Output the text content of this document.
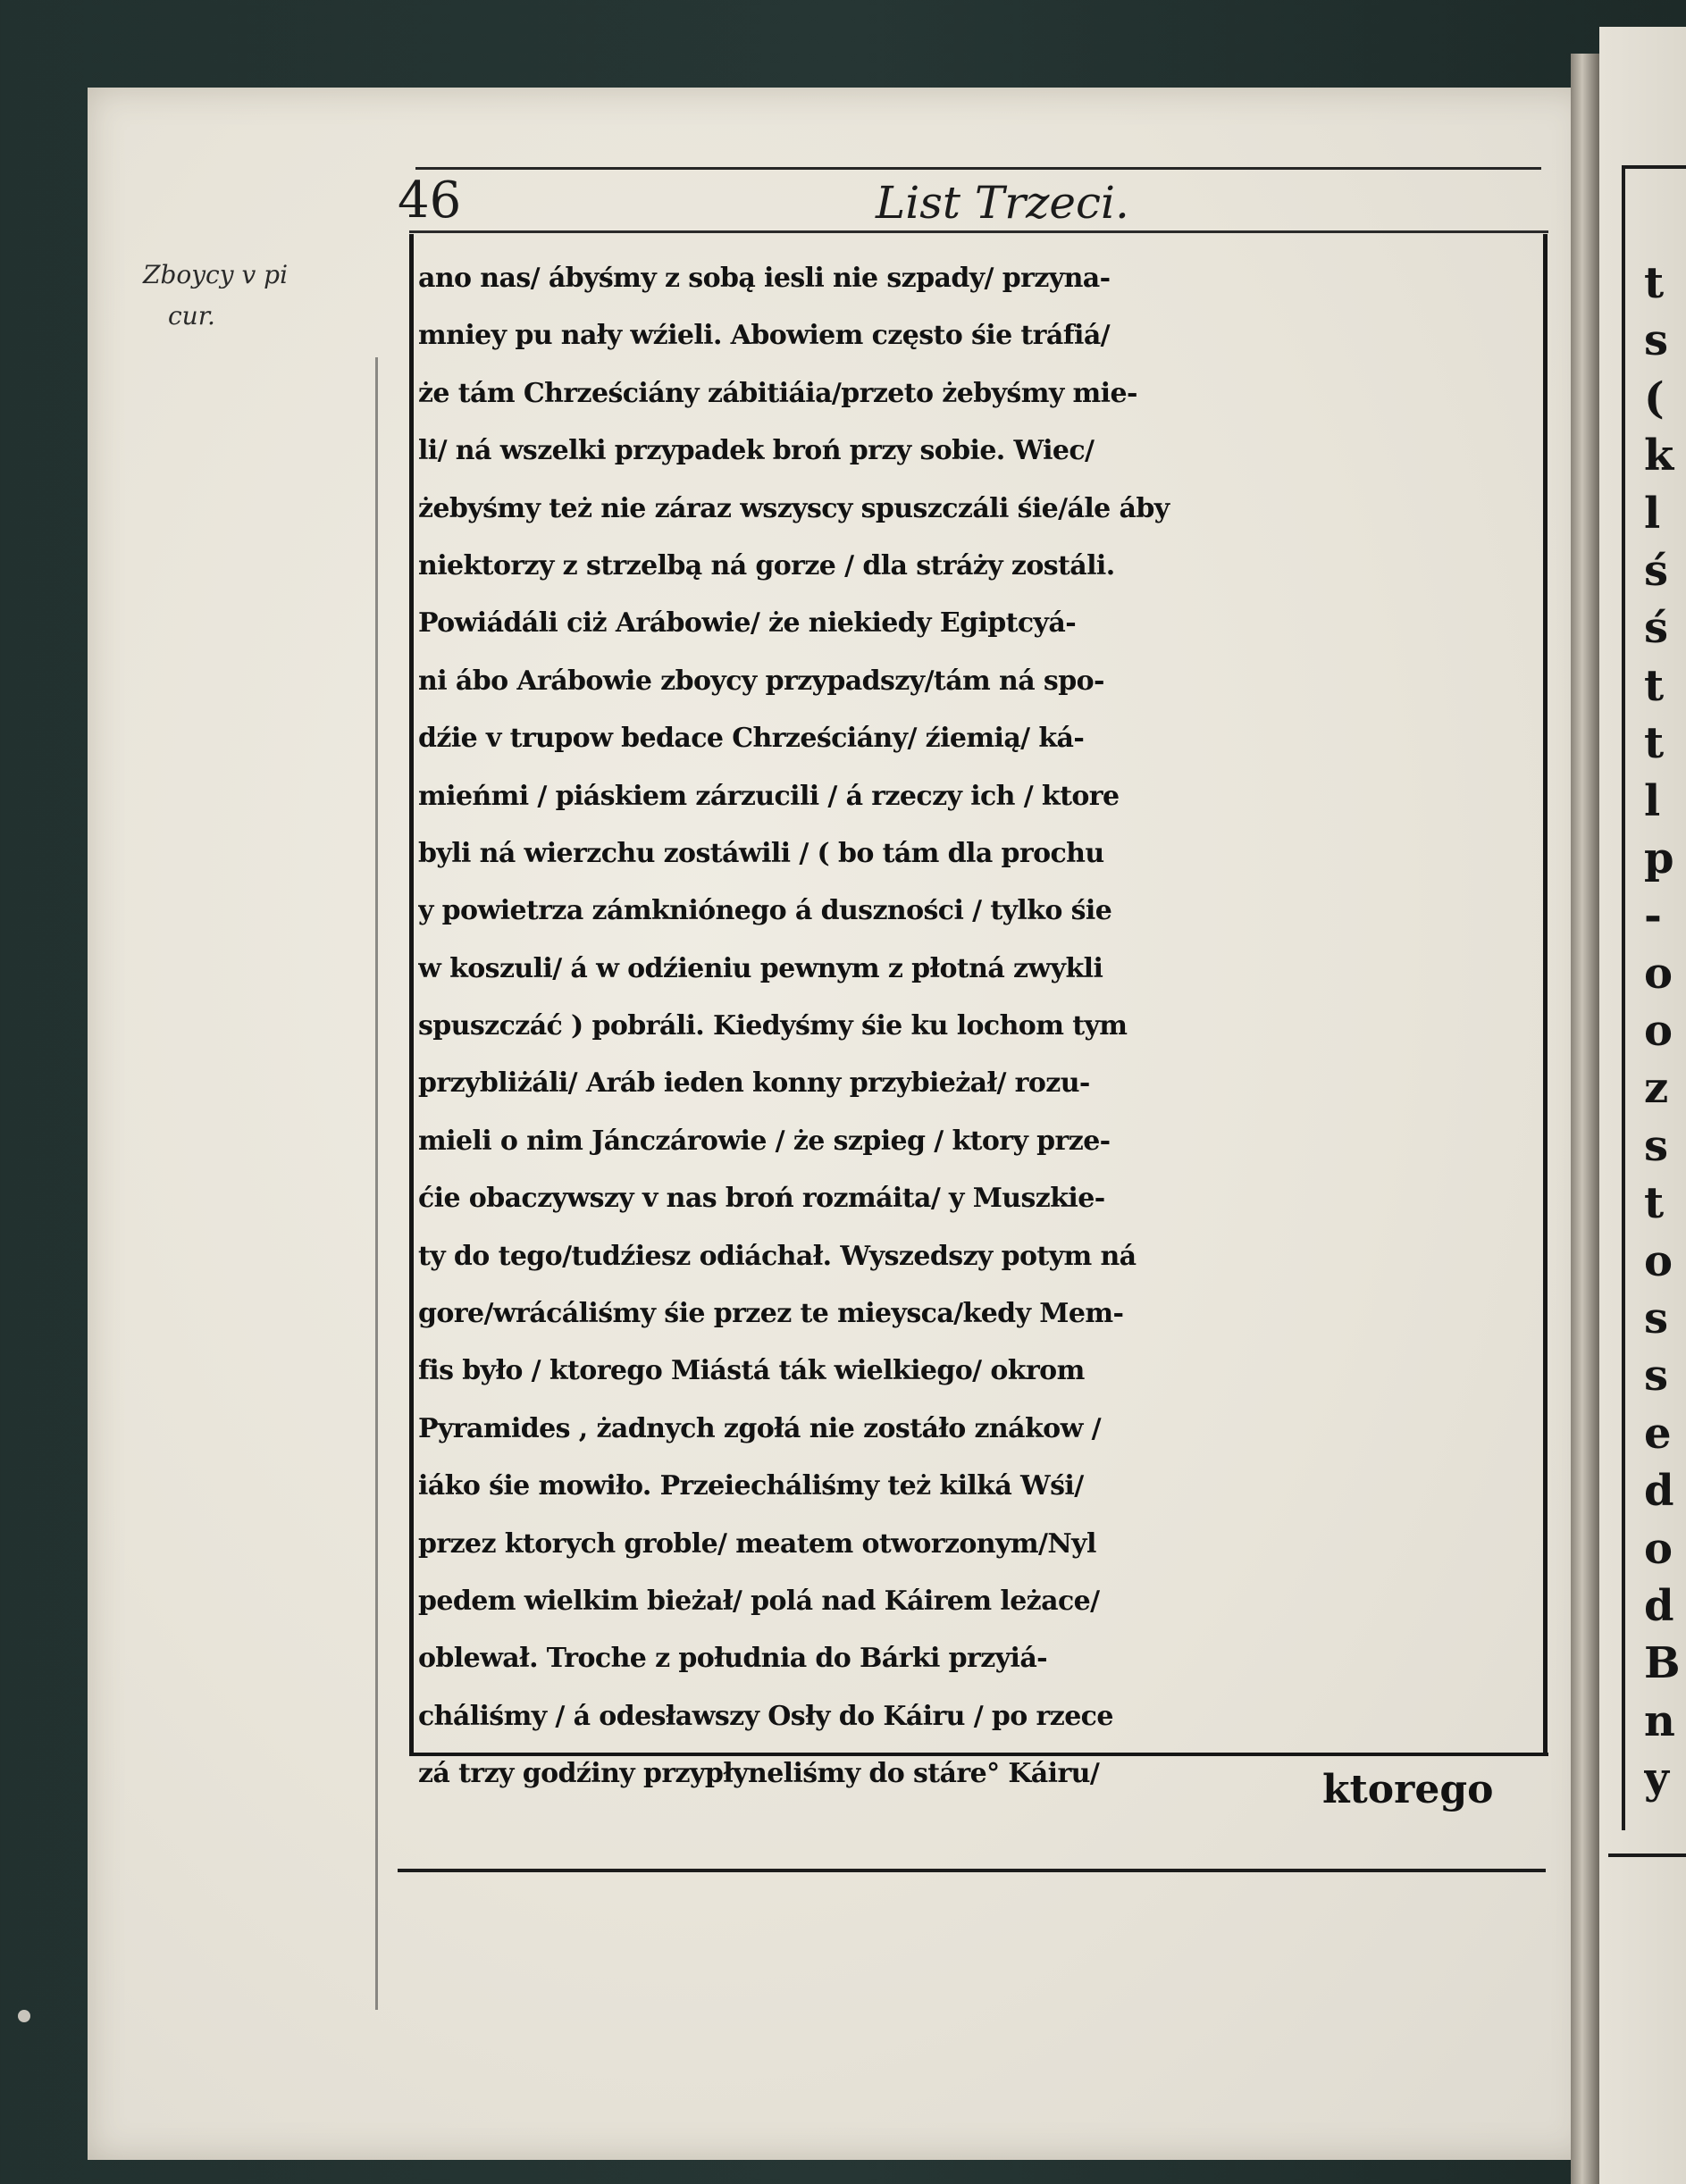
t
s
(
k
l
ś
ś
t
t
l
p
-
o
o
z
s
t
o
s
s
e
d
o
d
B
n
y
46	List Trzeci.
Zboycy v pi
cur.
ano nas/ ábyśmy z sobą iesli nie szpady/ przyna-
mniey pu nały wźieli. Abowiem często śie tráfiá/
że tám Chrześciány zábitiáia/przeto żebyśmy mie-
li/ ná wszelki przypadek broń przy sobie. Wiec/
żebyśmy też nie záraz wszyscy spuszczáli śie/ále áby
niektorzy z strzelbą ná gorze / dla stráży zostáli.
Powiádáli ciż Arábowie/ że niekiedy Egiptcyá-
ni ábo Arábowie zboycy przypadszy/tám ná spo-
dźie v trupow bedace Chrześciány/ źiemią/ ká-
mieńmi / piáskiem zárzucili / á rzeczy ich / ktore
byli ná wierzchu zostáwili / ( bo tám dla prochu
y powietrza zámkniónego á duszności / tylko śie
w koszuli/ á w odźieniu pewnym z płotná zwykli
spuszczáć ) pobráli. Kiedyśmy śie ku lochom tym
przybliżáli/ Aráb ieden konny przybieżał/ rozu-
mieli o nim Jánczárowie / że szpieg / ktory prze-
ćie obaczywszy v nas broń rozmáita/ y Muszkie-
ty do tego/tudźiesz odiáchał. Wyszedszy potym ná
gore/wrácáliśmy śie przez te mieysca/kedy Mem-
fis było / ktorego Miástá ták wielkiego/ okrom
Pyramides , żadnych zgołá nie zostáło znákow /
iáko śie mowiło. Przeiecháliśmy też kilká Wśi/
przez ktorych groble/ meatem otworzonym/Nyl
pedem wielkim bieżał/ polá nad Káirem leżace/
oblewał. Troche z południa do Bárki przyiá-
cháliśmy / á odesławszy Osły do Káiru / po rzece
zá trzy godźiny przypłyneliśmy do stáre° Káiru/	ktorego
